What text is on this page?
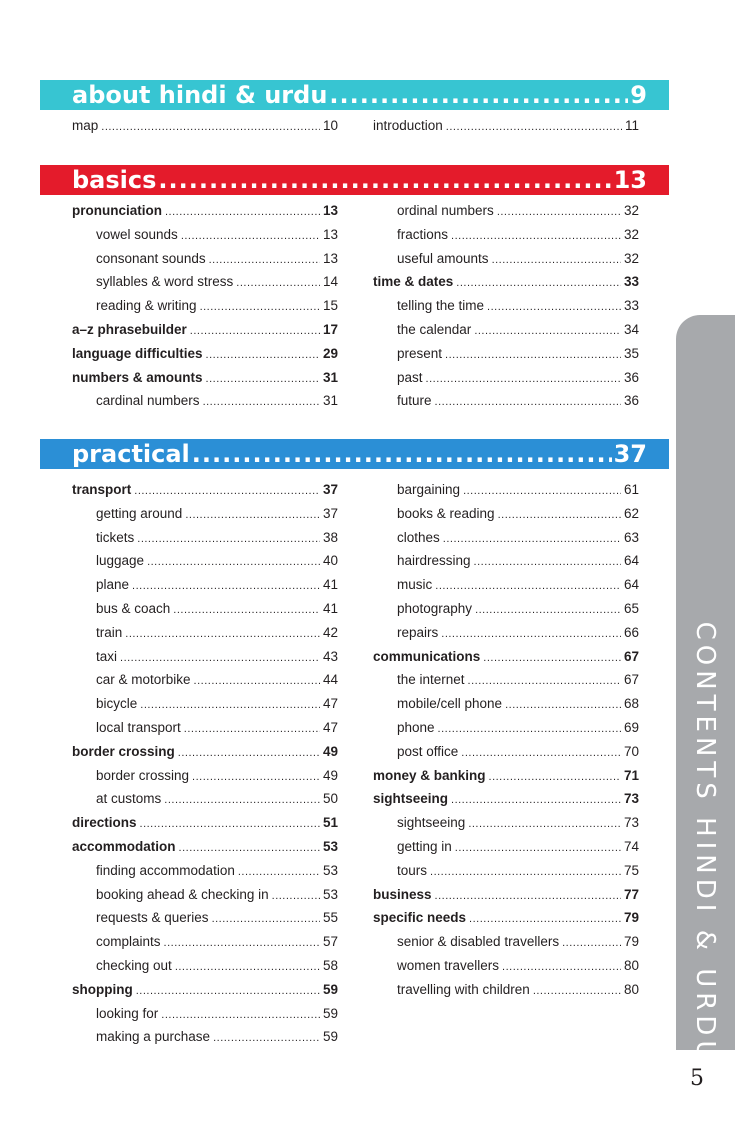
about hindi & urdu .....	9
map .....	10	introduction .....	11
basics .....	13
pronunciation .....	13
vowel sounds .....	13
consonant sounds .....	13
syllables & word stress .....	14
reading & writing .....	15
a–z phrasebuilder .....	17
language difficulties .....	29
numbers & amounts .....	31
cardinal numbers .....	31
ordinal numbers .....	32
fractions .....	32
useful amounts .....	32
time & dates .....	33
telling the time .....	33
the calendar .....	34
present .....	35
past .....	36
future .....	36
practical .....	37
transport .....	37
getting around .....	37
tickets .....	38
luggage .....	40
plane .....	41
bus & coach .....	41
train .....	42
taxi .....	43
car & motorbike .....	44
bicycle .....	47
local transport .....	47
border crossing .....	49
border crossing .....	49
at customs .....	50
directions .....	51
accommodation .....	53
finding accommodation .....	53
booking ahead & checking in .....	53
requests & queries .....	55
complaints .....	57
checking out .....	58
shopping .....	59
looking for .....	59
making a purchase .....	59
bargaining .....	61
books & reading .....	62
clothes .....	63
hairdressing .....	64
music .....	64
photography .....	65
repairs .....	66
communications .....	67
the internet .....	67
mobile/cell phone .....	68
phone .....	69
post office .....	70
money & banking .....	71
sightseeing .....	73
sightseeing .....	73
getting in .....	74
tours .....	75
business .....	77
specific needs .....	79
senior & disabled travellers .....	79
women travellers .....	80
travelling with children .....	80 CONTENTS HINDI & URDU
5
